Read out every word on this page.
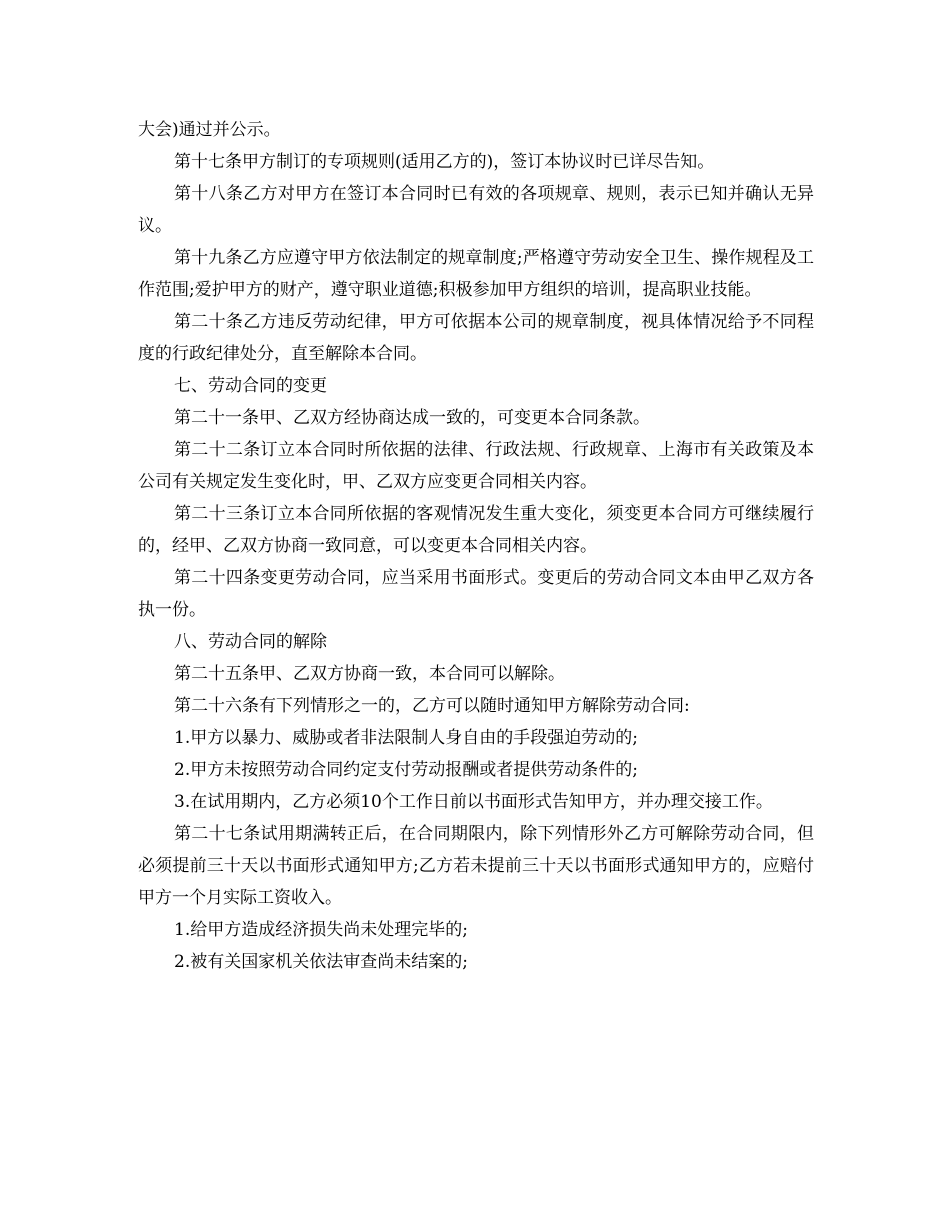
大会)通过并公示。

第十七条甲方制订的专项规则(适用乙方的)，签订本协议时已详尽告知。

第十八条乙方对甲方在签订本合同时已有效的各项规章、规则，表示已知并确认无异议。

第十九条乙方应遵守甲方依法制定的规章制度;严格遵守劳动安全卫生、操作规程及工作范围;爱护甲方的财产，遵守职业道德;积极参加甲方组织的培训，提高职业技能。

第二十条乙方违反劳动纪律，甲方可依据本公司的规章制度，视具体情况给予不同程度的行政纪律处分，直至解除本合同。

七、劳动合同的变更

第二十一条甲、乙双方经协商达成一致的，可变更本合同条款。

第二十二条订立本合同时所依据的法律、行政法规、行政规章、上海市有关政策及本公司有关规定发生变化时，甲、乙双方应变更合同相关内容。

第二十三条订立本合同所依据的客观情况发生重大变化，须变更本合同方可继续履行的，经甲、乙双方协商一致同意，可以变更本合同相关内容。

第二十四条变更劳动合同，应当采用书面形式。变更后的劳动合同文本由甲乙双方各执一份。

八、劳动合同的解除

第二十五条甲、乙双方协商一致，本合同可以解除。

第二十六条有下列情形之一的，乙方可以随时通知甲方解除劳动合同:

1.甲方以暴力、威胁或者非法限制人身自由的手段强迫劳动的;

2.甲方未按照劳动合同约定支付劳动报酬或者提供劳动条件的;

3.在试用期内，乙方必须10个工作日前以书面形式告知甲方，并办理交接工作。

第二十七条试用期满转正后，在合同期限内，除下列情形外乙方可解除劳动合同，但必须提前三十天以书面形式通知甲方;乙方若未提前三十天以书面形式通知甲方的，应赔付甲方一个月实际工资收入。

1.给甲方造成经济损失尚未处理完毕的;

2.被有关国家机关依法审查尚未结案的;
